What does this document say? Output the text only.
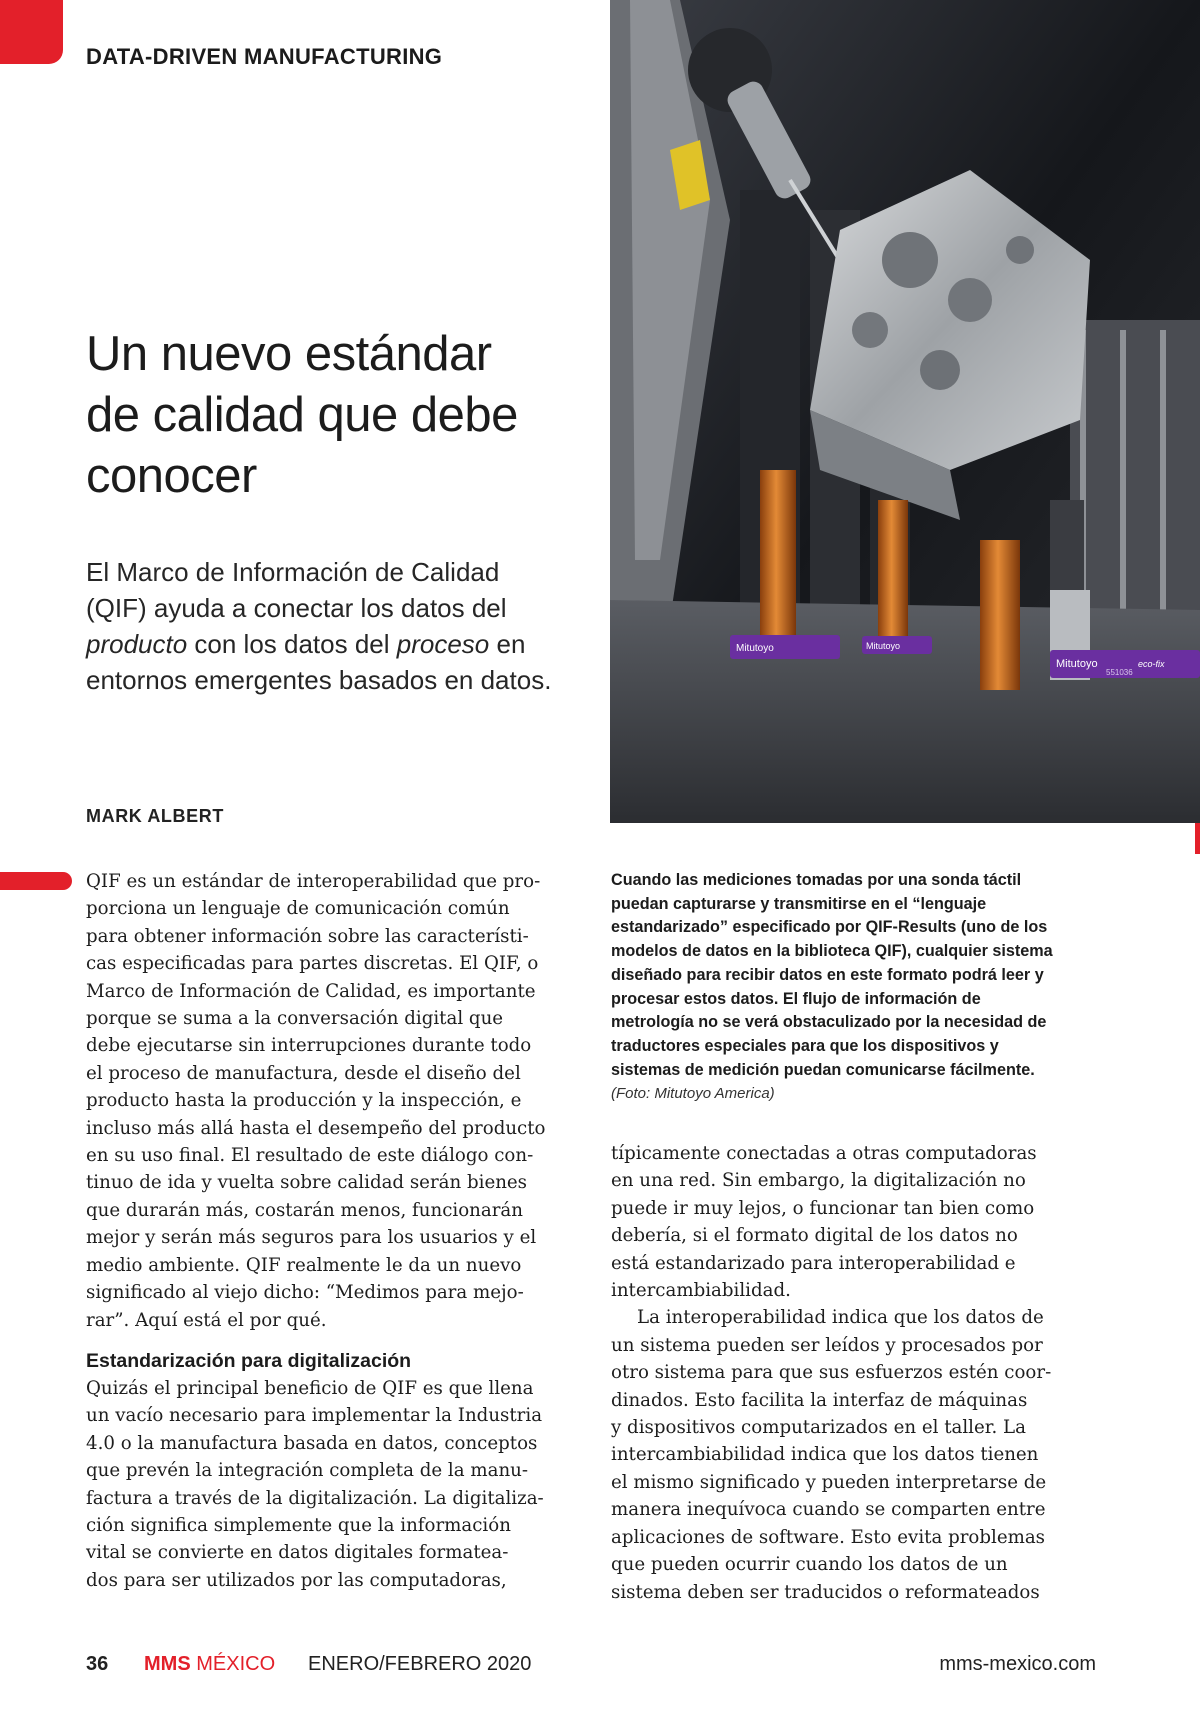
DATA-DRIVEN MANUFACTURING
Un nuevo estándar
de calidad que debe
conocer
El Marco de Información de Calidad
(QIF) ayuda a conectar los datos del
producto con los datos del proceso en
entornos emergentes basados en datos.
MARK ALBERT
Mitutoyo	Mitutoyo
Mitutoyo	eco-fix
551036
QIF es un estándar de interoperabilidad que pro-
porciona un lenguaje de comunicación común
para obtener información sobre las característi-
cas especificadas para partes discretas. El QIF, o
Marco de Información de Calidad, es importante
porque se suma a la conversación digital que
debe ejecutarse sin interrupciones durante todo
el proceso de manufactura, desde el diseño del
producto hasta la producción y la inspección, e
incluso más allá hasta el desempeño del producto
en su uso final. El resultado de este diálogo con-
tinuo de ida y vuelta sobre calidad serán bienes
que durarán más, costarán menos, funcionarán
mejor y serán más seguros para los usuarios y el
medio ambiente. QIF realmente le da un nuevo
significado al viejo dicho: “Medimos para mejo-
rar”. Aquí está el por qué.
Estandarización para digitalización
Quizás el principal beneficio de QIF es que llena
un vacío necesario para implementar la Industria
4.0 o la manufactura basada en datos, conceptos
que prevén la integración completa de la manu-
factura a través de la digitalización. La digitaliza-
ción significa simplemente que la información
vital se convierte en datos digitales formatea-
dos para ser utilizados por las computadoras,
Cuando las mediciones tomadas por una sonda táctil
puedan capturarse y transmitirse en el “lenguaje
estandarizado” especificado por QIF-Results (uno de los
modelos de datos en la biblioteca QIF), cualquier sistema
diseñado para recibir datos en este formato podrá leer y
procesar estos datos. El flujo de información de
metrología no se verá obstaculizado por la necesidad de
traductores especiales para que los dispositivos y
sistemas de medición puedan comunicarse fácilmente.
(Foto: Mitutoyo America)
típicamente conectadas a otras computadoras
en una red. Sin embargo, la digitalización no
puede ir muy lejos, o funcionar tan bien como
debería, si el formato digital de los datos no
está estandarizado para interoperabilidad e
intercambiabilidad.
La interoperabilidad indica que los datos de
un sistema pueden ser leídos y procesados por
otro sistema para que sus esfuerzos estén coor-
dinados. Esto facilita la interfaz de máquinas
y dispositivos computarizados en el taller. La
intercambiabilidad indica que los datos tienen
el mismo significado y pueden interpretarse de
manera inequívoca cuando se comparten entre
aplicaciones de software. Esto evita problemas
que pueden ocurrir cuando los datos de un
sistema deben ser traducidos o reformateados
36 MMS MÉXICO ENERO/FEBRERO 2020	mms-mexico.com
